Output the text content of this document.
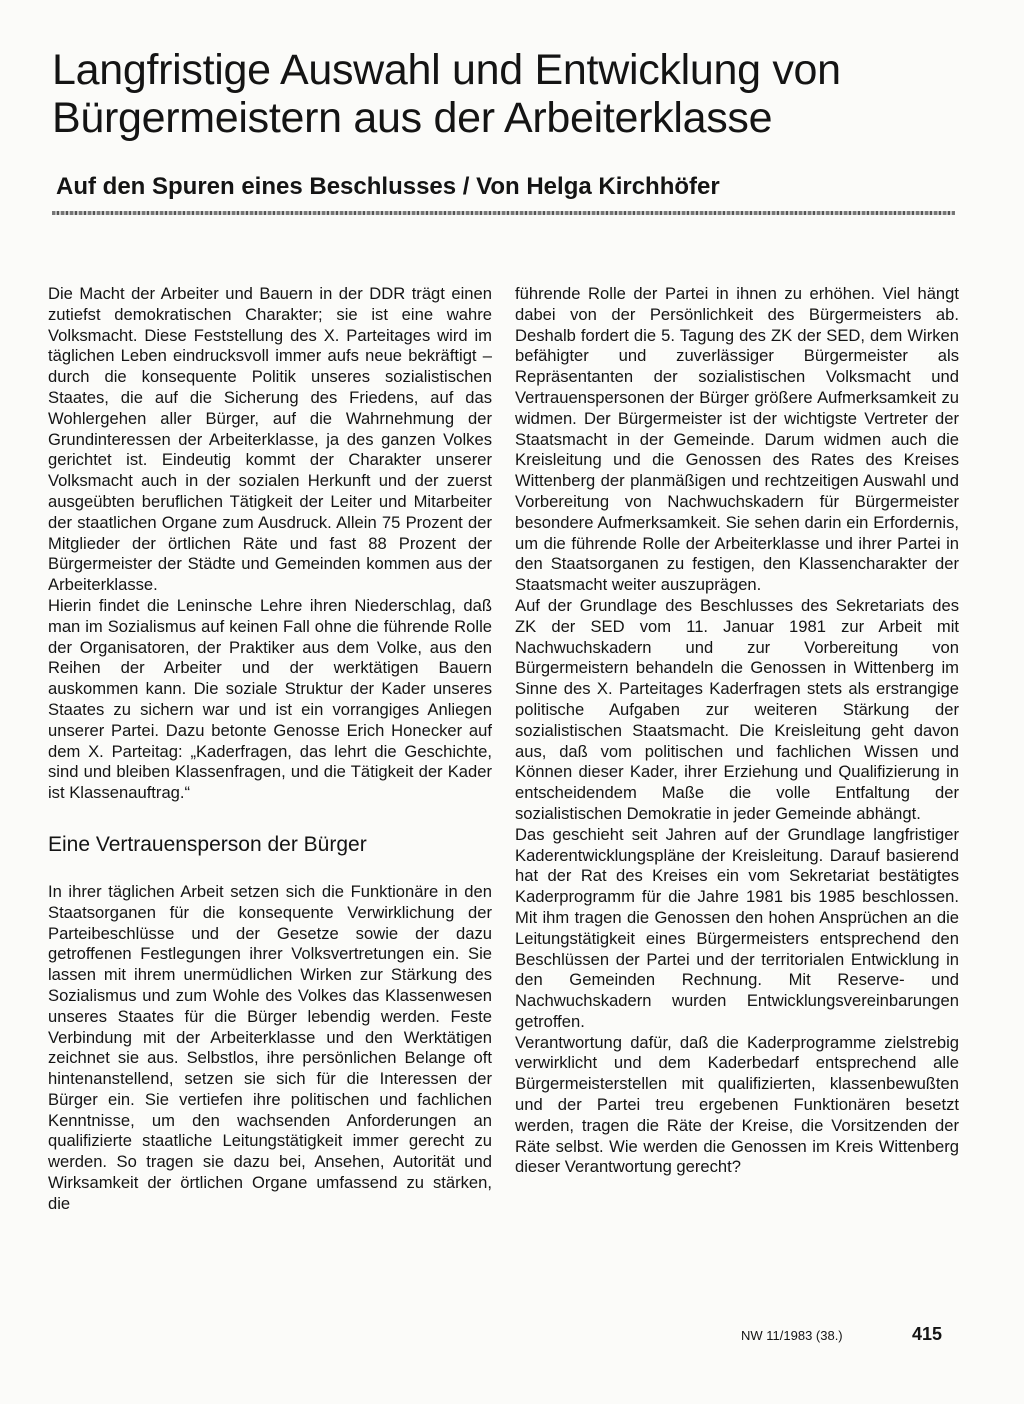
Langfristige Auswahl und Entwicklung von Bürgermeistern aus der Arbeiterklasse
Auf den Spuren eines Beschlusses / Von Helga Kirchhöfer

Die Macht der Arbeiter und Bauern in der DDR trägt einen zutiefst demokratischen Charakter; sie ist eine wahre Volksmacht. Diese Feststellung des X. Parteitages wird im täglichen Leben eindrucksvoll immer aufs neue bekräftigt – durch die konsequente Politik unseres sozialistischen Staates, die auf die Sicherung des Friedens, auf das Wohlergehen aller Bürger, auf die Wahrnehmung der Grundinteressen der Arbeiterklasse, ja des ganzen Volkes gerichtet ist. Eindeutig kommt der Charakter unserer Volksmacht auch in der sozialen Herkunft und der zuerst ausgeübten beruflichen Tätigkeit der Leiter und Mitarbeiter der staatlichen Organe zum Ausdruck. Allein 75 Prozent der Mitglieder der örtlichen Räte und fast 88 Prozent der Bürgermeister der Städte und Gemeinden kommen aus der Arbeiterklasse.

Hierin findet die Leninsche Lehre ihren Niederschlag, daß man im Sozialismus auf keinen Fall ohne die führende Rolle der Organisatoren, der Praktiker aus dem Volke, aus den Reihen der Arbeiter und der werktätigen Bauern auskommen kann. Die soziale Struktur der Kader unseres Staates zu sichern war und ist ein vorrangiges Anliegen unserer Partei. Dazu betonte Genosse Erich Honecker auf dem X. Parteitag: „Kaderfragen, das lehrt die Geschichte, sind und bleiben Klassenfragen, und die Tätigkeit der Kader ist Klassenauftrag.“

Eine Vertrauensperson der Bürger

In ihrer täglichen Arbeit setzen sich die Funktionäre in den Staatsorganen für die konsequente Verwirklichung der Parteibeschlüsse und der Gesetze sowie der dazu getroffenen Festlegungen ihrer Volksvertretungen ein. Sie lassen mit ihrem unermüdlichen Wirken zur Stärkung des Sozialismus und zum Wohle des Volkes das Klassenwesen unseres Staates für die Bürger lebendig werden. Feste Verbindung mit der Arbeiterklasse und den Werktätigen zeichnet sie aus. Selbstlos, ihre persönlichen Belange oft hintenanstellend, setzen sie sich für die Interessen der Bürger ein. Sie vertiefen ihre politischen und fachlichen Kenntnisse, um den wachsenden Anforderungen an qualifizierte staatliche Leitungstätigkeit immer gerecht zu werden. So tragen sie dazu bei, Ansehen, Autorität und Wirksamkeit der örtlichen Organe umfassend zu stärken, die

führende Rolle der Partei in ihnen zu erhöhen. Viel hängt dabei von der Persönlichkeit des Bürgermeisters ab. Deshalb fordert die 5. Tagung des ZK der SED, dem Wirken befähigter und zuverlässiger Bürgermeister als Repräsentanten der sozialistischen Volksmacht und Vertrauenspersonen der Bürger größere Aufmerksamkeit zu widmen. Der Bürgermeister ist der wichtigste Vertreter der Staatsmacht in der Gemeinde. Darum widmen auch die Kreisleitung und die Genossen des Rates des Kreises Wittenberg der planmäßigen und rechtzeitigen Auswahl und Vorbereitung von Nachwuchskadern für Bürgermeister besondere Aufmerksamkeit. Sie sehen darin ein Erfordernis, um die führende Rolle der Arbeiterklasse und ihrer Partei in den Staatsorganen zu festigen, den Klassencharakter der Staatsmacht weiter auszuprägen.

Auf der Grundlage des Beschlusses des Sekretariats des ZK der SED vom 11. Januar 1981 zur Arbeit mit Nachwuchskadern und zur Vorbereitung von Bürgermeistern behandeln die Genossen in Wittenberg im Sinne des X. Parteitages Kaderfragen stets als erstrangige politische Aufgaben zur weiteren Stärkung der sozialistischen Staatsmacht. Die Kreisleitung geht davon aus, daß vom politischen und fachlichen Wissen und Können dieser Kader, ihrer Erziehung und Qualifizierung in entscheidendem Maße die volle Entfaltung der sozialistischen Demokratie in jeder Gemeinde abhängt.

Das geschieht seit Jahren auf der Grundlage langfristiger Kaderentwicklungspläne der Kreisleitung. Darauf basierend hat der Rat des Kreises ein vom Sekretariat bestätigtes Kaderprogramm für die Jahre 1981 bis 1985 beschlossen. Mit ihm tragen die Genossen den hohen Ansprüchen an die Leitungstätigkeit eines Bürgermeisters entsprechend den Beschlüssen der Partei und der territorialen Entwicklung in den Gemeinden Rechnung. Mit Reserve- und Nachwuchskadern wurden Entwicklungsvereinbarungen getroffen.

Verantwortung dafür, daß die Kaderprogramme zielstrebig verwirklicht und dem Kaderbedarf entsprechend alle Bürgermeisterstellen mit qualifizierten, klassenbewußten und der Partei treu ergebenen Funktionären besetzt werden, tragen die Räte der Kreise, die Vorsitzenden der Räte selbst. Wie werden die Genossen im Kreis Wittenberg dieser Verantwortung gerecht?

NW 11/1983 (38.)	415
